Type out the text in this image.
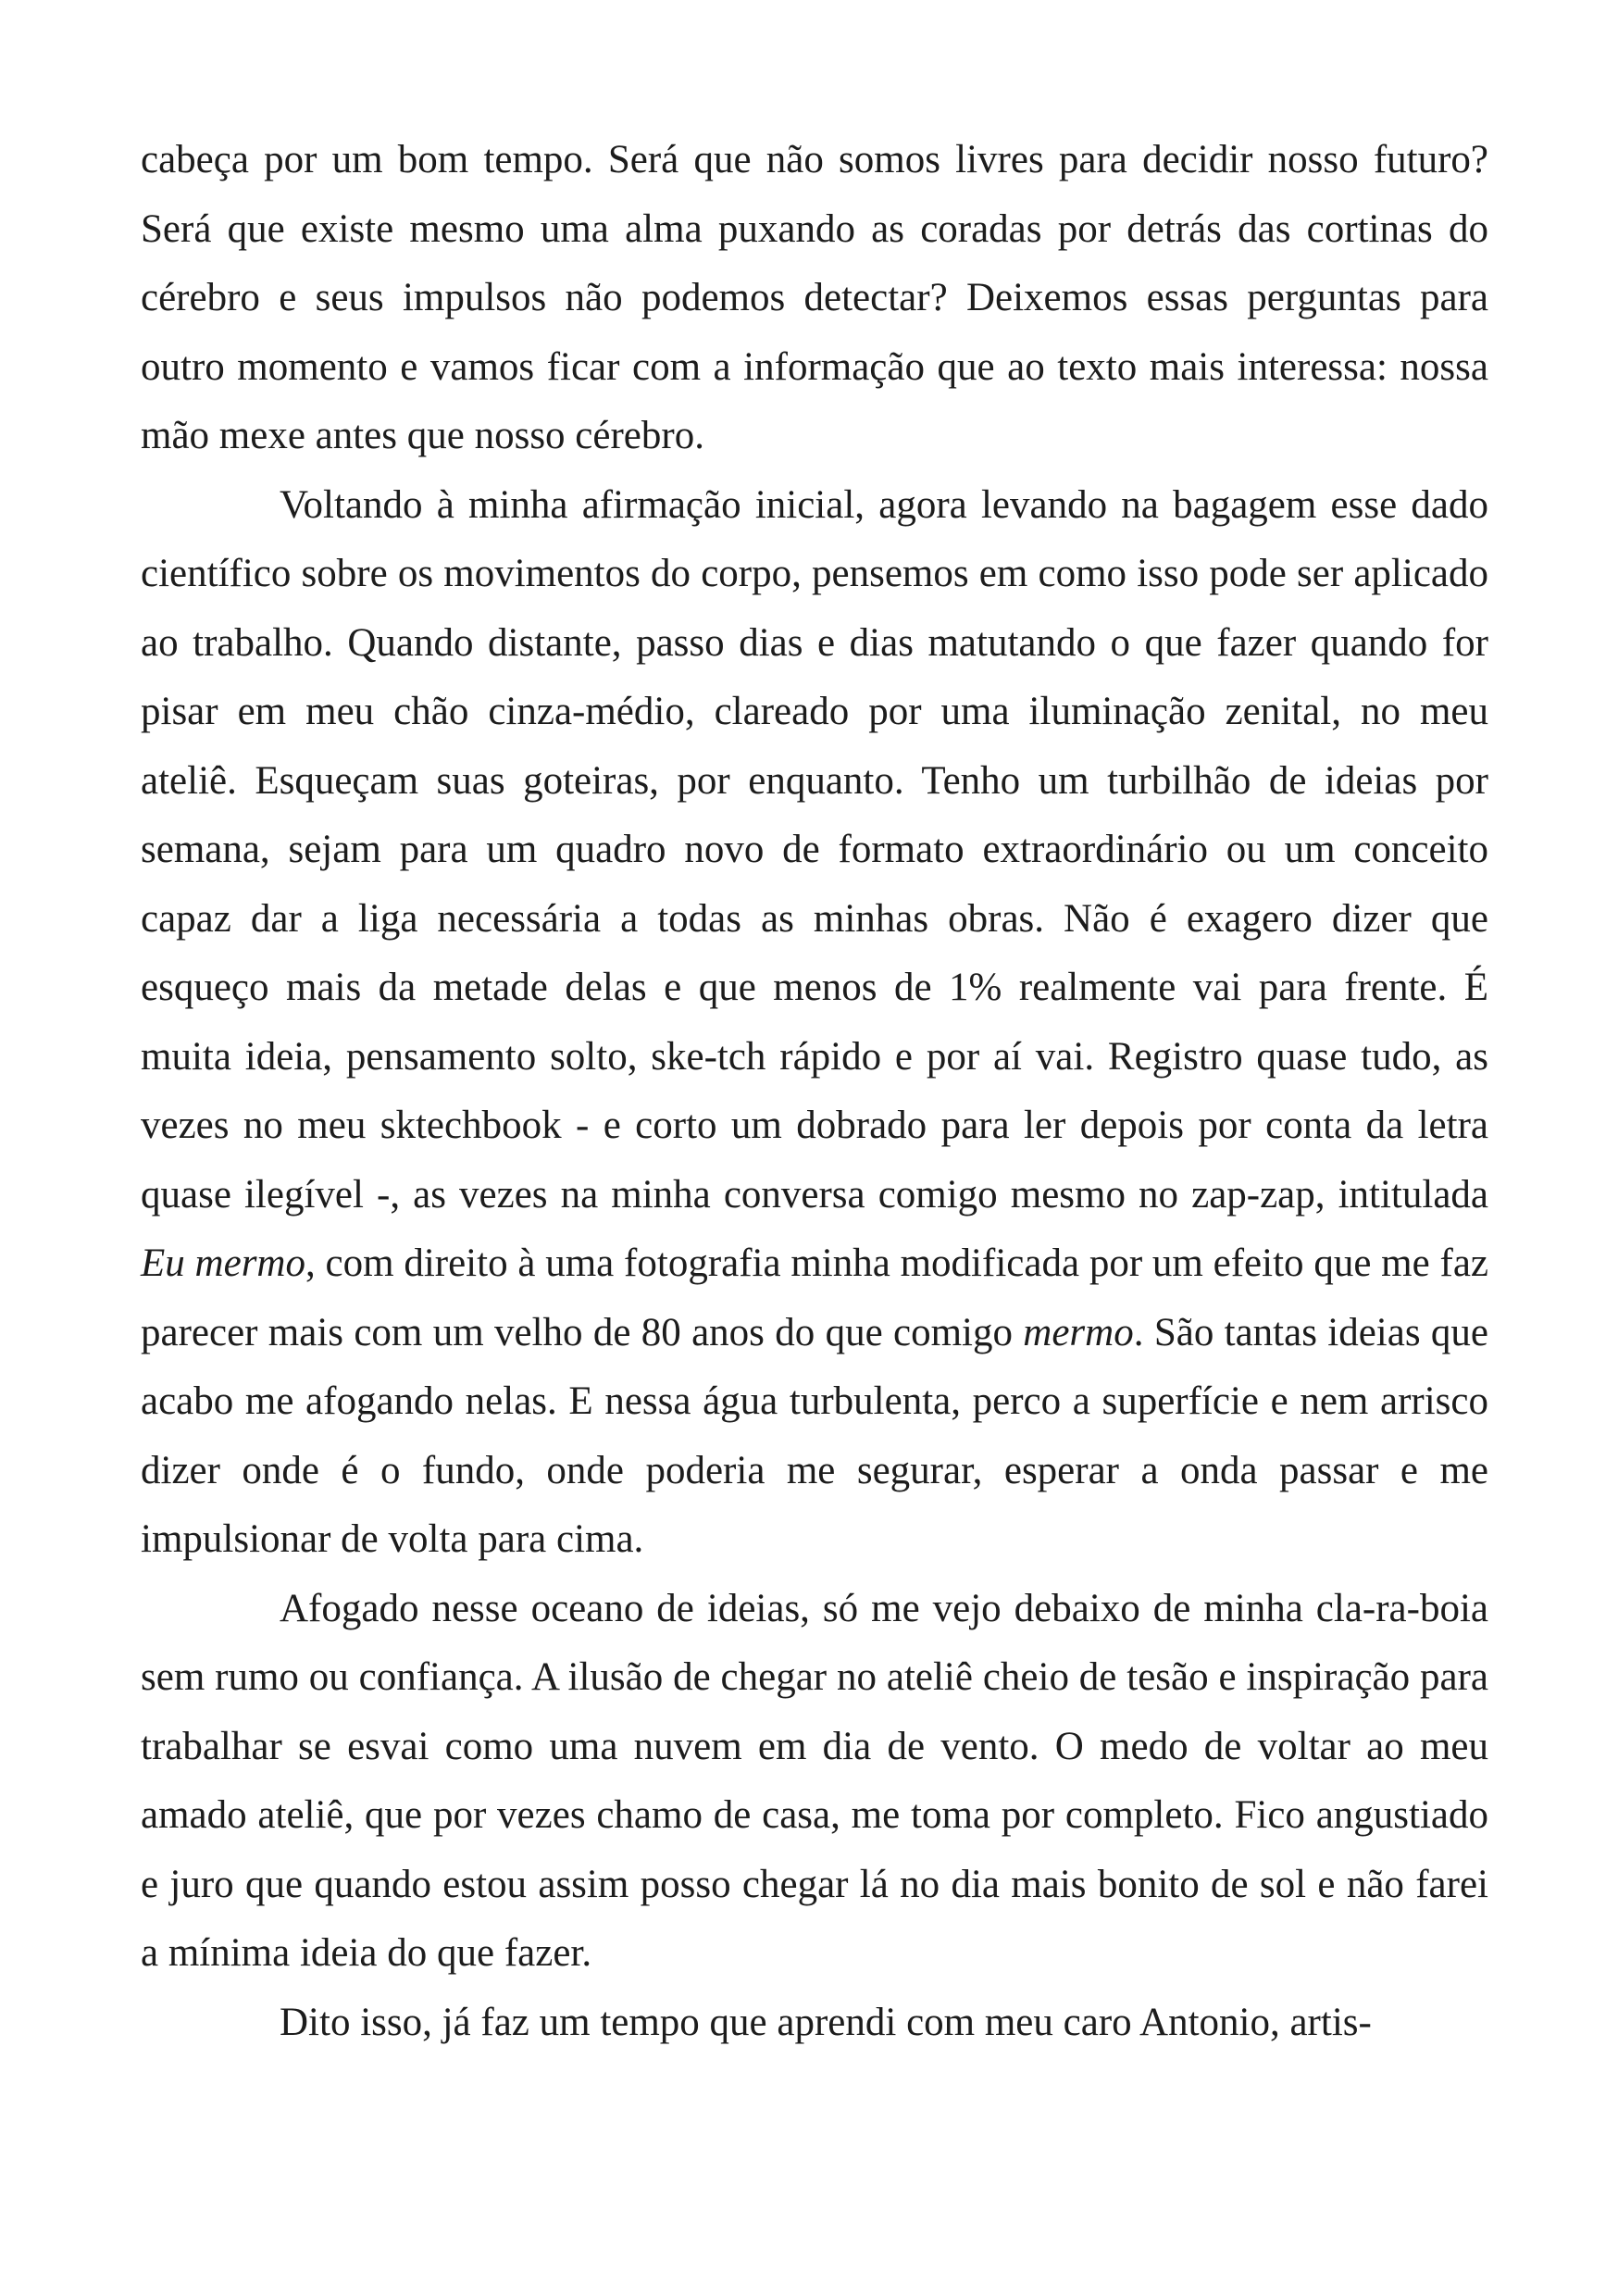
cabeça por um bom tempo. Será que não somos livres para decidir nosso futuro? Será que existe mesmo uma alma puxando as coradas por detrás das cortinas do cérebro e seus impulsos não podemos detectar? Deixemos essas perguntas para outro momento e vamos ficar com a informação que ao texto mais interessa: nossa mão mexe antes que nosso cérebro.

Voltando à minha afirmação inicial, agora levando na bagagem esse dado científico sobre os movimentos do corpo, pensemos em como isso pode ser aplicado ao trabalho. Quando distante, passo dias e dias matutando o que fazer quando for pisar em meu chão cinza-médio, clareado por uma iluminação zenital, no meu ateliê. Esqueçam suas goteiras, por enquanto. Tenho um turbilhão de ideias por semana, sejam para um quadro novo de formato extraordinário ou um conceito capaz dar a liga necessária a todas as minhas obras. Não é exagero dizer que esqueço mais da metade delas e que menos de 1% realmente vai para frente. É muita ideia, pensamento solto, ske-tch rápido e por aí vai. Registro quase tudo, as vezes no meu sktechbook - e corto um dobrado para ler depois por conta da letra quase ilegível -, as vezes na minha conversa comigo mesmo no zap-zap, intitulada Eu mermo, com direito à uma fotografia minha modificada por um efeito que me faz parecer mais com um velho de 80 anos do que comigo mermo. São tantas ideias que acabo me afogando nelas. E nessa água turbulenta, perco a superfície e nem arrisco dizer onde é o fundo, onde poderia me segurar, esperar a onda passar e me impulsionar de volta para cima.

Afogado nesse oceano de ideias, só me vejo debaixo de minha cla-ra-boia sem rumo ou confiança. A ilusão de chegar no ateliê cheio de tesão e inspiração para trabalhar se esvai como uma nuvem em dia de vento. O medo de voltar ao meu amado ateliê, que por vezes chamo de casa, me toma por completo. Fico angustiado e juro que quando estou assim posso chegar lá no dia mais bonito de sol e não farei a mínima ideia do que fazer.

Dito isso, já faz um tempo que aprendi com meu caro Antonio, artis-
